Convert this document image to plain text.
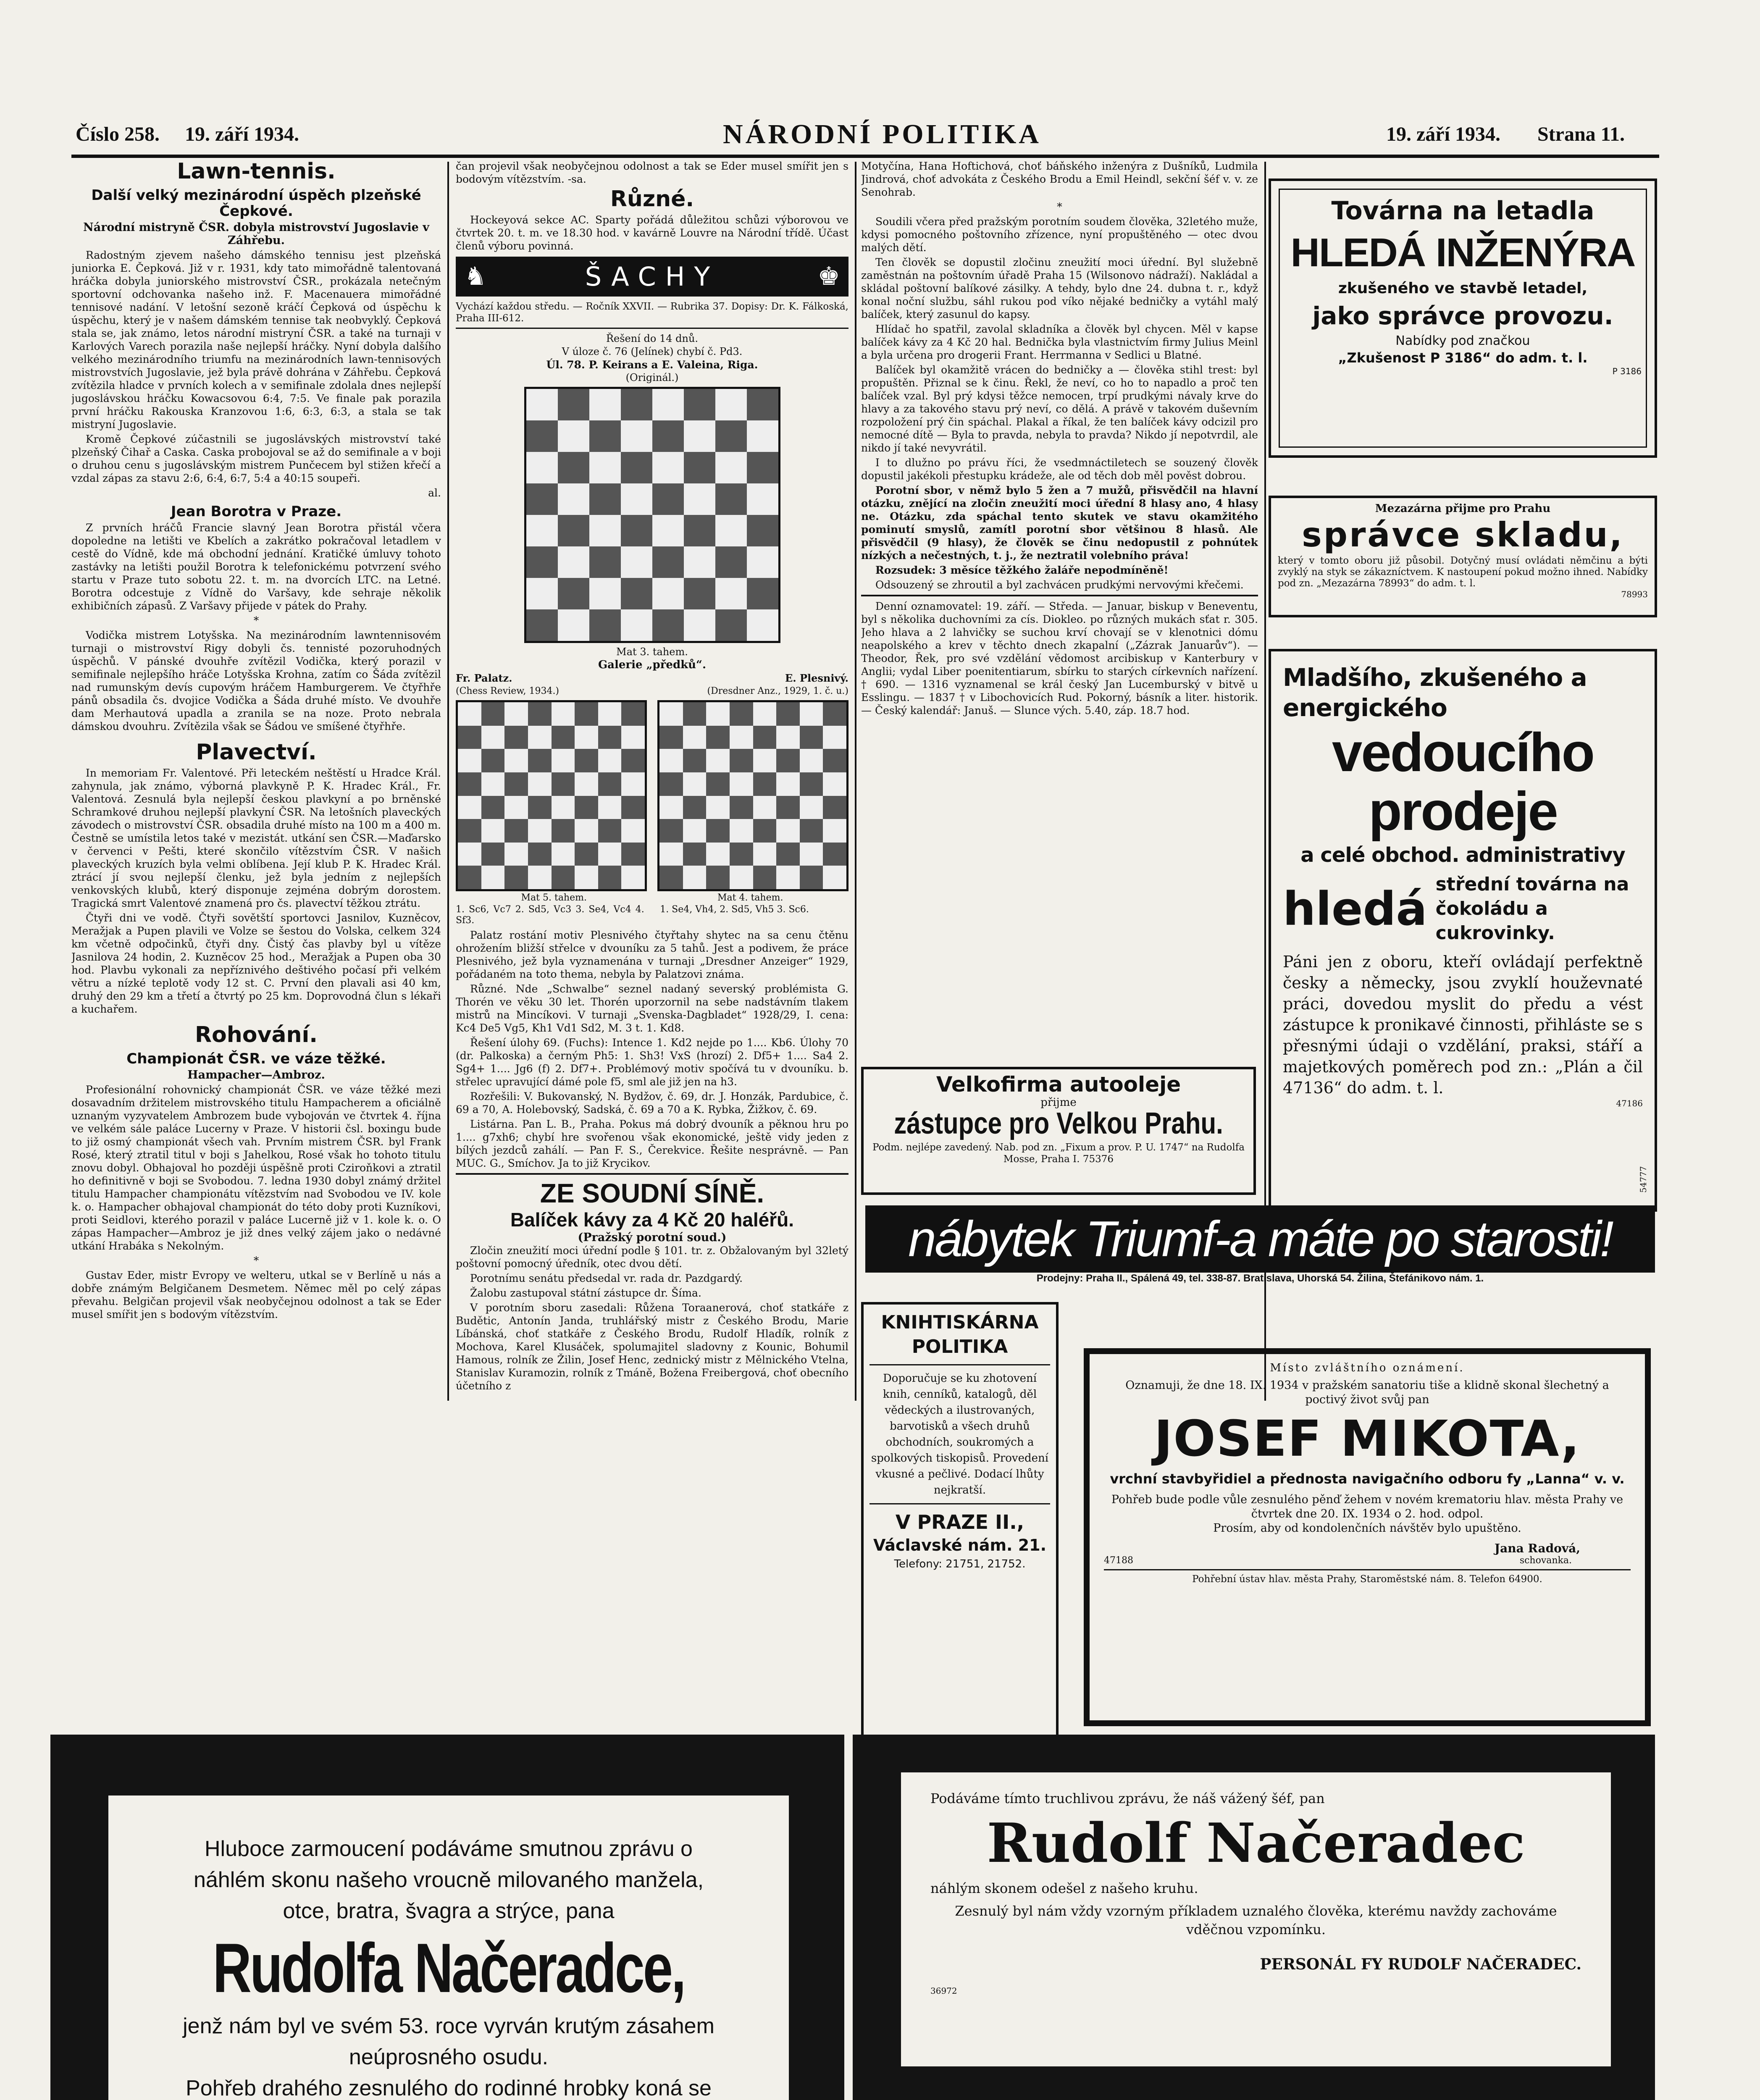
Číslo 258. 19. září 1934.	NÁRODNÍ POLITIKA	19. září 1934. Strana 11.
Lawn-tennis.
Další velký mezinárodní úspěch plzeňské Čepkové.
Národní mistryně ČSR. dobyla mistrovství Jugoslavie v Záhřebu.

Radostným zjevem našeho dámského tennisu jest plzeňská juniorka E. Čepková. Již v r. 1931, kdy tato mimořádně talentovaná hráčka dobyla juniorského mistrovství ČSR., prokázala netečným sportovní odchovanka našeho inž. F. Macenauera mimořádné tennisové nadání. V letošní sezoně kráčí Čepková od úspěchu k úspěchu, který je v našem dámském tennise tak neobvyklý. Čepková stala se, jak známo, letos národní mistryní ČSR. a také na turnaji v Karlových Varech porazila naše nejlepší hráčky. Nyní dobyla dalšího velkého mezinárodního triumfu na mezinárodních lawn-tennisových mistrovstvích Jugoslavie, jež byla právě dohrána v Záhřebu. Čepková zvítězila hladce v prvních kolech a v semifinale zdolala dnes nejlepší jugoslávskou hráčku Kowacsovou 6:4, 7:5. Ve finale pak porazila první hráčku Rakouska Kranzovou 1:6, 6:3, 6:3, a stala se tak mistryní Jugoslavie.

Kromě Čepkové zúčastnili se jugoslávských mistrovství také plzeňský Čihař a Caska. Caska probojoval se až do semifinale a v boji o druhou cenu s jugoslávským mistrem Punčecem byl stižen křečí a vzdal zápas za stavu 2:6, 6:4, 6:7, 5:4 a 40:15 soupeři.

al.
Jean Borotra v Praze.

Z prvních hráčů Francie slavný Jean Borotra přistál včera dopoledne na letišti ve Kbelích a zakrátko pokračoval letadlem v cestě do Vídně, kde má obchodní jednání. Kratičké úmluvy tohoto zastávky na letišti použil Borotra k telefonickému potvrzení svého startu v Praze tuto sobotu 22. t. m. na dvorcích LTC. na Letné. Borotra odcestuje z Vídně do Varšavy, kde sehraje několik exhibičních zápasů. Z Varšavy přijede v pátek do Prahy.

*

Vodička mistrem Lotyšska. Na mezinárodním lawntennisovém turnaji o mistrovství Rigy dobyli čs. tennisté pozoruhodných úspěchů. V pánské dvouhře zvítězil Vodička, který porazil v semifinale nejlepšího hráče Lotyšska Krohna, zatím co Šáda zvítězil nad rumunským devís cupovým hráčem Hamburgerem. Ve čtyřhře pánů obsadila čs. dvojice Vodička a Šáda druhé místo. Ve dvouhře dam Merhautová upadla a zranila se na noze. Proto nebrala dámskou dvouhru. Zvítězila však se Šádou ve smíšené čtyřhře.

Plavectví.

In memoriam Fr. Valentové. Při leteckém neštěstí u Hradce Král. zahynula, jak známo, výborná plavkyně P. K. Hradec Král., Fr. Valentová. Zesnulá byla nejlepší českou plavkyní a po brněnské Schramkové druhou nejlepší plavkyní ČSR. Na letošních plaveckých závodech o mistrovství ČSR. obsadila druhé místo na 100 m a 400 m. Čestně se umístila letos také v mezistát. utkání sen ČSR.—Maďarsko v červenci v Pešti, které skončilo vítězstvím ČSR. V našich plaveckých kruzích byla velmi oblíbena. Její klub P. K. Hradec Král. ztrácí jí svou nejlepší členku, jež byla jedním z nejlepších venkovských klubů, který disponuje zejména dobrým dorostem. Tragická smrt Valentové znamená pro čs. plavectví těžkou ztrátu.

Čtyři dni ve vodě. Čtyři sovětští sportovci Jasnilov, Kuzněcov, Meražjak a Pupen plavili ve Volze se šestou do Volska, celkem 324 km včetně odpočinků, čtyři dny. Čistý čas plavby byl u vítěze Jasnilova 24 hodin, 2. Kuzněcov 25 hod., Meražjak a Pupen oba 30 hod. Plavbu vykonali za nepříznivého deštivého počasí při velkém větru a nízké teplotě vody 12 st. C. První den plavali asi 40 km, druhý den 29 km a třetí a čtvrtý po 25 km. Doprovodná člun s lékaři a kuchařem.

Rohování.
Championát ČSR. ve váze těžké.
Hampacher—Ambroz.

Profesionální rohovnický championát ČSR. ve váze těžké mezi dosavadním držitelem mistrovského titulu Hampacherem a oficiálně uznaným vyzyvatelem Ambrozem bude vybojován ve čtvrtek 4. října ve velkém sále paláce Lucerny v Praze. V historii čsl. boxingu bude to již osmý championát všech vah. Prvním mistrem ČSR. byl Frank Rosé, který ztratil titul v boji s Jahelkou, Rosé však ho tohoto titulu znovu dobyl. Obhajoval ho později úspěšně proti Cziroňkovi a ztratil ho definitivně v boji se Svobodou. 7. ledna 1930 dobyl známý držitel titulu Hampacher championátu vítězstvím nad Svobodou ve IV. kole k. o. Hampacher obhajoval championát do této doby proti Kuzníkovi, proti Seidlovi, kterého porazil v paláce Lucerně již v 1. kole k. o. O zápas Hampacher—Ambroz je již dnes velký zájem jako o nedávné utkání Hrabáka s Nekolným.

*

Gustav Eder, mistr Evropy ve welteru, utkal se v Berlíně u nás a dobře známým Belgičanem Desmetem. Němec měl po celý zápas převahu. Belgičan projevil však neobyčejnou odolnost a tak se Eder musel smířit jen s bodovým vítězstvím.

čan projevil však neobyčejnou odolnost a tak se Eder musel smířit jen s bodovým vítězstvím. -sa.

Různé.

Hockeyová sekce AC. Sparty pořádá důležitou schůzi výborovou ve čtvrtek 20. t. m. ve 18.30 hod. v kavárně Louvre na Národní třídě. Účast členů výboru povinná.

♞	ŠACHY	♚
Vychází každou středu. — Ročník XXVII. — Rubrika 37. Dopisy: Dr. K. Fálkoská, Praha III-612.
Řešení do 14 dnů.
V úloze č. 76 (Jelínek) chybí č. Pd3.
Úl. 78. P. Keirans a E. Valeina, Riga.
(Originál.)
Mat 3. tahem.
Galerie „předků“.
Fr. Palatz.	E. Plesnivý.
(Chess Review, 1934.)	(Dresdner Anz., 1929, 1. č. u.)
Mat 5. tahem.	Mat 4. tahem.
1. Sc6, Vc7 2. Sd5, Vc3 3. Se4, Vc4 4. Sf3.
1. Se4, Vh4, 2. Sd5, Vh5 3. Sc6.

Palatz rostání motiv Plesnivého čtyřtahy shytec na sa cenu čtěnu ohrožením bližší střelce v dvouníku za 5 tahů. Jest a podivem, že práce Plesnivého, jež byla vyznamenána v turnaji „Dresdner Anzeiger“ 1929, pořádaném na toto thema, nebyla by Palatzovi známa.

Různé. Nde „Schwalbe“ seznel nadaný severský problémista G. Thorén ve věku 30 let. Thorén uporzornil na sebe nadstávním tlakem mistrů na Mincíkovi. V turnaji „Svenska-Dagbladet“ 1928/29, I. cena: Kc4 De5 Vg5, Kh1 Vd1 Sd2, M. 3 t. 1. Kd8.

Řešení úlohy 69. (Fuchs): Intence 1. Kd2 nejde po 1.... Kb6. Úlohy 70 (dr. Palkoska) a černým Ph5: 1. Sh3! VxS (hrozí) 2. Df5+ 1.... Sa4 2. Sg4+ 1.... Jg6 (f) 2. Df7+. Problémový motiv spočívá tu v dvouníku. b. střelec upravující dámé pole f5, sml ale již jen na h3.

Rozřešili: V. Bukovanský, N. Bydžov, č. 69, dr. J. Honzák, Pardubice, č. 69 a 70, A. Holebovský, Sadská, č. 69 a 70 a K. Rybka, Žižkov, č. 69.

Listárna. Pan L. B., Praha. Pokus má dobrý dvouník a pěknou hru po 1.... g7xh6; chybí hre svořenou však ekonomické, ještě vidy jeden z bílých jezdců zahálí. — Pan F. S., Čerekvice. Řešite nesprávně. — Pan MUC. G., Smíchov. Ja to již Krycikov.

ZE SOUDNÍ SÍNĚ.
Balíček kávy za 4 Kč 20 haléřů.
(Pražský porotní soud.)

Zločin zneužití moci úřední podle § 101. tr. z. Obžalovaným byl 32letý poštovní pomocný úředník, otec dvou dětí.

Porotnímu senátu předsedal vr. rada dr. Pazdgardý.

Žalobu zastupoval státní zástupce dr. Šíma.

V porotním sboru zasedali: Růžena Toraanerová, choť statkáře z Budětic, Antonín Janda, truhlářský mistr z Českého Brodu, Marie Líbánská, choť statkáře z Českého Brodu, Rudolf Hladík, rolník z Mochova, Karel Klusáček, spolumajitel sladovny z Kounic, Bohumil Hamous, rolník ze Žilin, Josef Henc, zednický mistr z Mělnického Vtelna, Stanislav Kuramozin, rolník z Tmáně, Božena Freibergová, choť obecního účetního z

Motyčína, Hana Hoftichová, choť báňského inženýra z Dušníků, Ludmila Jindrová, choť advokáta z Českého Brodu a Emil Heindl, sekční šéf v. v. ze Senohrab.

*

Soudili včera před pražským porotním soudem člověka, 32letého muže, kdysi pomocného poštovního zřízence, nyní propuštěného — otec dvou malých dětí.

Ten člověk se dopustil zločinu zneužití moci úřední. Byl služebně zaměstnán na poštovním úřadě Praha 15 (Wilsonovo nádraží). Nakládal a skládal poštovní balíkové zásilky. A tehdy, bylo dne 24. dubna t. r., když konal noční službu, sáhl rukou pod víko nějaké bedničky a vytáhl malý balíček, který zasunul do kapsy.

Hlídač ho spatřil, zavolal skladníka a člověk byl chycen. Měl v kapse balíček kávy za 4 Kč 20 hal. Bednička byla vlastnictvím firmy Julius Meinl a byla určena pro drogerii Frant. Herrmanna v Sedlici u Blatné.

Balíček byl okamžitě vrácen do bedničky a — člověka stihl trest: byl propuštěn. Přiznal se k činu. Řekl, že neví, co ho to napadlo a proč ten balíček vzal. Byl prý kdysi těžce nemocen, trpí prudkými návaly krve do hlavy a za takového stavu prý neví, co dělá. A právě v takovém duševním rozpoložení prý čin spáchal. Plakal a říkal, že ten balíček kávy odcizil pro nemocné dítě — Byla to pravda, nebyla to pravda? Nikdo jí nepotvrdil, ale nikdo jí také nevyvrátil.

I to dlužno po právu říci, že vsedmnáctiletech se souzený člověk dopustil jakékoli přestupku krádeže, ale od těch dob měl pověst dobrou.

Porotní sbor, v němž bylo 5 žen a 7 mužů, přisvědčil na hlavní otázku, znějící na zločin zneužití moci úřední 8 hlasy ano, 4 hlasy ne. Otázku, zda spáchal tento skutek ve stavu okamžitého pominutí smyslů, zamítl porotní sbor většinou 8 hlasů. Ale přisvědčil (9 hlasy), že člověk se činu nedopustil z pohnútek nízkých a nečestných, t. j., že neztratil volebního práva!

Rozsudek: 3 měsíce těžkého žaláře nepodmíněně!

Odsouzený se zhroutil a byl zachvácen prudkými nervovými křečemi.

Denní oznamovatel: 19. září. — Středa. — Januar, biskup v Beneventu, byl s několika duchovními za cís. Diokleo. po různých mukách sťat r. 305. Jeho hlava a 2 lahvičky se suchou krví chovají se v klenotnici dómu neapolského a krev v těchto dnech zkapalní („Zázrak Januarův“). — Theodor, Řek, pro své vzdělání vědomost arcibiskup v Kanterbury v Anglii; vydal Liber poenitentiarum, sbírku to starých církevních nařízení. † 690. — 1316 vyznamenal se král český Jan Lucemburský v bitvě u Esslingu. — 1837 † v Libochovicích Rud. Pokorný, básník a liter. historik. — Český kalendář: Januš. — Slunce vých. 5.40, záp. 18.7 hod.

Velkofirma autooleje
přijme
zástupce pro Velkou Prahu.
Podm. nejlépe zavedený. Nab. pod zn. „Fixum a prov. P. U. 1747“ na Rudolfa Mosse, Praha I. 75376
Továrna na letadla
HLEDÁ INŽENÝRA
zkušeného ve stavbě letadel,
jako správce provozu.
Nabídky pod značkou
„Zkušenost P 3186“ do adm. t. l.
P 3186
Mezazárna přijme pro Prahu
správce skladu,
který v tomto oboru již působil. Dotyčný musí ovládati němčinu a býti zvyklý na styk se zákazníctvem. K nastoupení pokud možno ihned. Nabídky pod zn. „Mezazárna 78993“ do adm. t. l.
78993
Mladšího, zkušeného a energického
vedoucího prodeje
a celé obchod. administrativy
hledá střední továrna na čokoládu a cukrovinky.
Páni jen z oboru, kteří ovládají perfektně česky a německy, jsou zvyklí houževnaté práci, dovedou myslit do předu a vést zástupce k pronikavé činnosti, přihláste se s přesnými údaji o vzdělání, praksi, stáří a majetkových poměrech pod zn.: „Plán a čil 47136“ do adm. t. l.
47186
54777
nábytek Triumf-a máte po starosti!
Prodejny: Praha II., Spálená 49, tel. 338-87. Bratislava, Uhorská 54. Žilina, Štefánikovo nám. 1.
KNIHTISKÁRNA POLITIKA
Doporučuje se ku zhotovení knih, cenníků, katalogů, děl vědeckých a ilustrovaných, barvotisků a všech druhů obchodních, soukromých a spolkových tiskopisů. Provedení vkusné a pečlivé. Dodací lhůty nejkratší.
V PRAZE II.,
Václavské nám. 21.
Telefony: 21751, 21752.
Místo zvláštního oznámení.
Oznamuji, že dne 18. IX. 1934 v pražském sanatoriu tiše a klidně skonal šlechetný a poctivý život svůj pan
JOSEF MIKOTA,
vrchní stavbyřidiel a přednosta navigačního odboru fy „Lanna“ v. v.
Pohřeb bude podle vůle zesnulého pěnď žehem v novém krematoriu hlav. města Prahy ve čtvrtek dne 20. IX. 1934 o 2. hod. odpol.
Prosím, aby od kondolenčních návštěv bylo upuštěno.
Jana Radová,
47188	schovanka.
Pohřební ústav hlav. města Prahy, Staroměstské nám. 8. Telefon 64900.
Hluboce zarmoucení podáváme smutnou zprávu o náhlém skonu našeho vroucně milovaného manžela, otce, bratra, švagra a strýce, pana
Rudolfa Načeradce,
jenž nám byl ve svém 53. roce vyrván krutým zásahem neúprosného osudu.
Pohřeb drahého zesnulého do rodinné hrobky koná se
Podáváme tímto truchlivou zprávu, že náš vážený šéf, pan
Rudolf Načeradec
náhlým skonem odešel z našeho kruhu.
Zesnulý byl nám vždy vzorným příkladem uznalého člověka, kterému navždy zachováme vděčnou vzpomínku.
PERSONÁL FY RUDOLF NAČERADEC.
36972
